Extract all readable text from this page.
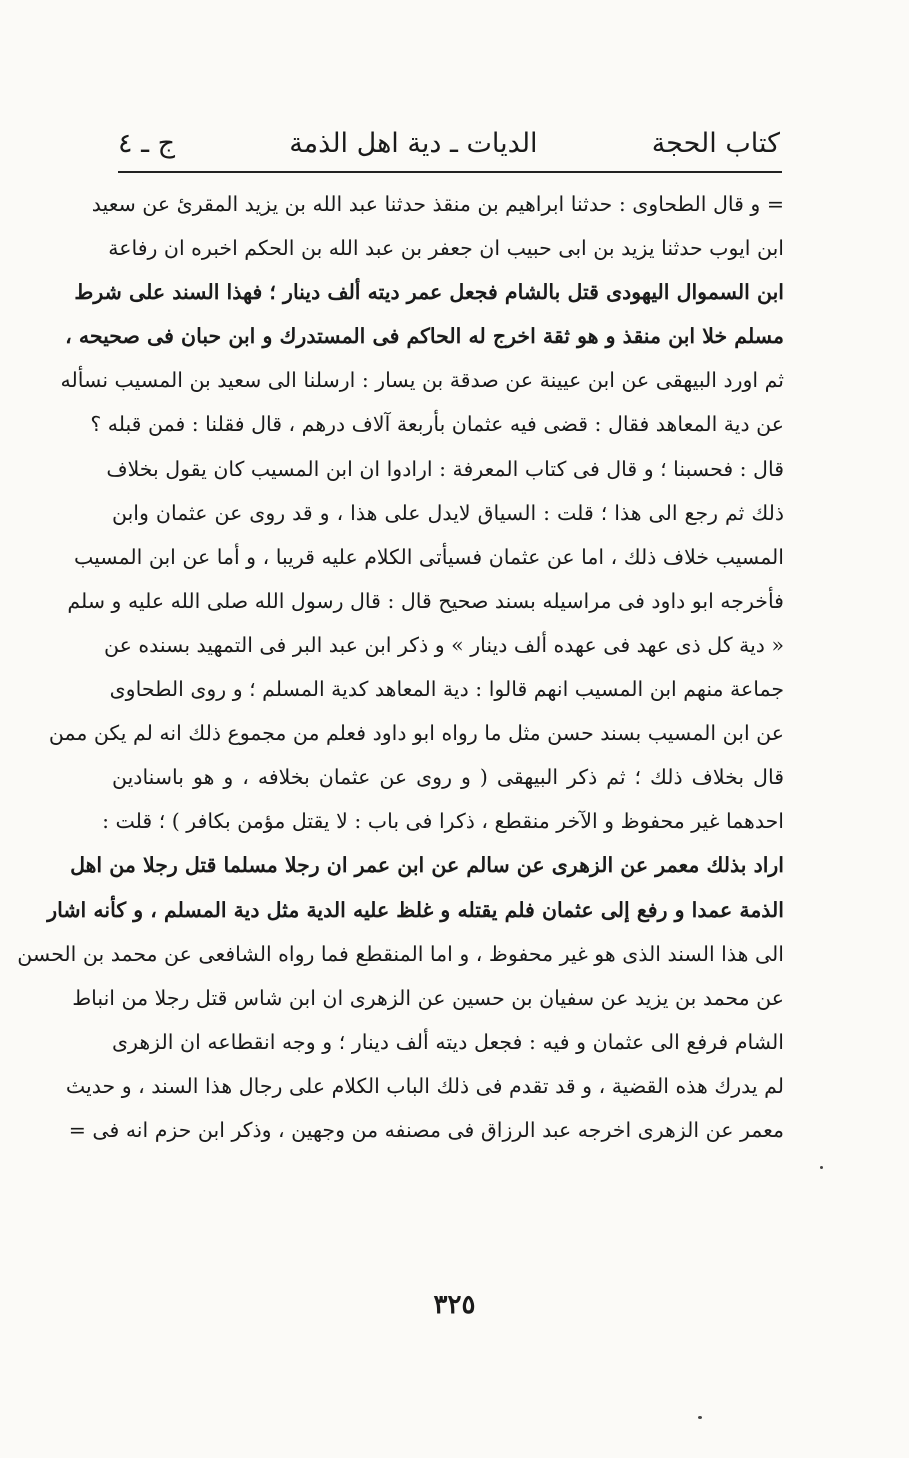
كتاب الحجة
الديات ـ دية اهل الذمة
ج ـ ٤
= و قال الطحاوى : حدثنا ابراهيم بن منقذ حدثنا عبد الله بن يزيد المقرئ عن سعيد
ابن ايوب حدثنا يزيد بن ابى حبيب ان جعفر بن عبد الله بن الحكم اخبره ان رفاعة
ابن السموال اليهودى قتل بالشام فجعل عمر ديته ألف دينار ؛ فهذا السند على شرط
مسلم خلا ابن منقذ و هو ثقة اخرج له الحاكم فى المستدرك و ابن حبان فى صحيحه ،
ثم اورد البيهقى عن ابن عيينة عن صدقة بن يسار : ارسلنا الى سعيد بن المسيب نسأله
عن دية المعاهد فقال : قضى فيه عثمان بأربعة آلاف درهم ، قال فقلنا : فمن قبله ؟
قال : فحسبنا ؛ و قال فى كتاب المعرفة : ارادوا ان ابن المسيب كان يقول بخلاف
ذلك ثم رجع الى هذا ؛ قلت : السياق لايدل على هذا ، و قد روى عن عثمان وابن
المسيب خلاف ذلك ، اما عن عثمان فسيأتى الكلام عليه قريبا ، و أما عن ابن المسيب
فأخرجه ابو داود فى مراسيله بسند صحيح قال : قال رسول الله صلى الله عليه و سلم
« دية كل ذى عهد فى عهده ألف دينار » و ذكر ابن عبد البر فى التمهيد بسنده عن
جماعة منهم ابن المسيب انهم قالوا : دية المعاهد كدية المسلم ؛ و روى الطحاوى
عن ابن المسيب بسند حسن مثل ما رواه ابو داود فعلم من مجموع ذلك انه لم يكن ممن
قال بخلاف ذلك ؛ ثم ذكر البيهقى ( و روى عن عثمان بخلافه ، و هو باسنادين
احدهما غير محفوظ و الآخر منقطع ، ذكرا فى باب : لا يقتل مؤمن بكافر ) ؛ قلت :
اراد بذلك معمر عن الزهرى عن سالم عن ابن عمر ان رجلا مسلما قتل رجلا من اهل
الذمة عمدا و رفع إلى عثمان فلم يقتله و غلظ عليه الدية مثل دية المسلم ، و كأنه اشار
الى هذا السند الذى هو غير محفوظ ، و اما المنقطع فما رواه الشافعى عن محمد بن الحسن
عن محمد بن يزيد عن سفيان بن حسين عن الزهرى ان ابن شاس قتل رجلا من انباط
الشام فرفع الى عثمان و فيه : فجعل ديته ألف دينار ؛ و وجه انقطاعه ان الزهرى
لم يدرك هذه القضية ، و قد تقدم فى ذلك الباب الكلام على رجال هذا السند ، و حديث
معمر عن الزهرى اخرجه عبد الرزاق فى مصنفه من وجهين ، وذكر ابن حزم انه فى =
٣٢٥
